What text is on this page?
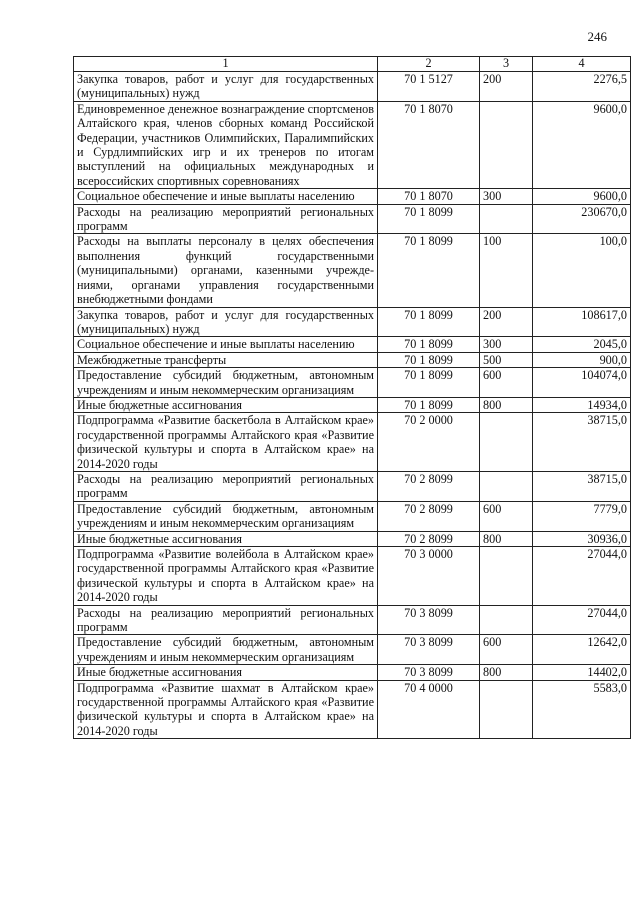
246
1	2	3	4
Закупка товаров, работ и услуг для государственных (муниципальных) нужд	70 1 5127	200	2276,5
Единовременное денежное вознаграждение спортсменов Алтайского края, членов сборных команд Российской Федерации, участников Олимпийских, Паралимпийских и Сурдлимпийских игр и их тренеров по итогам выступлений на официальных международных и всероссийских спортивных соревнованиях	70 1 8070		9600,0
Социальное обеспечение и иные выплаты населению	70 1 8070	300	9600,0
Расходы на реализацию мероприятий региональных программ	70 1 8099		230670,0
Расходы на выплаты персоналу в целях обеспечения выполнения функций государственными (муниципальными) органами, казенными учреждениями, органами управления государственными внебюджетными фондами	70 1 8099	100	100,0
Закупка товаров, работ и услуг для государственных (муниципальных) нужд	70 1 8099	200	108617,0
Социальное обеспечение и иные выплаты населению	70 1 8099	300	2045,0
Межбюджетные трансферты	70 1 8099	500	900,0
Предоставление субсидий бюджетным, автономным учреждениям и иным некоммерческим организациям	70 1 8099	600	104074,0
Иные бюджетные ассигнования	70 1 8099	800	14934,0
Подпрограмма «Развитие баскетбола в Алтайском крае» государственной программы Алтайского края «Развитие физической культуры и спорта в Алтайском крае» на 2014-2020 годы	70 2 0000		38715,0
Расходы на реализацию мероприятий региональных программ	70 2 8099		38715,0
Предоставление субсидий бюджетным, автономным учреждениям и иным некоммерческим организациям	70 2 8099	600	7779,0
Иные бюджетные ассигнования	70 2 8099	800	30936,0
Подпрограмма «Развитие волейбола в Алтайском крае» государственной программы Алтайского края «Развитие физической культуры и спорта в Алтайском крае» на 2014-2020 годы	70 3 0000		27044,0
Расходы на реализацию мероприятий региональных программ	70 3 8099		27044,0
Предоставление субсидий бюджетным, автономным учреждениям и иным некоммерческим организациям	70 3 8099	600	12642,0
Иные бюджетные ассигнования	70 3 8099	800	14402,0
Подпрограмма «Развитие шахмат в Алтайском крае» государственной программы Алтайского края «Развитие физической культуры и спорта в Алтайском крае» на 2014-2020 годы	70 4 0000		5583,0
